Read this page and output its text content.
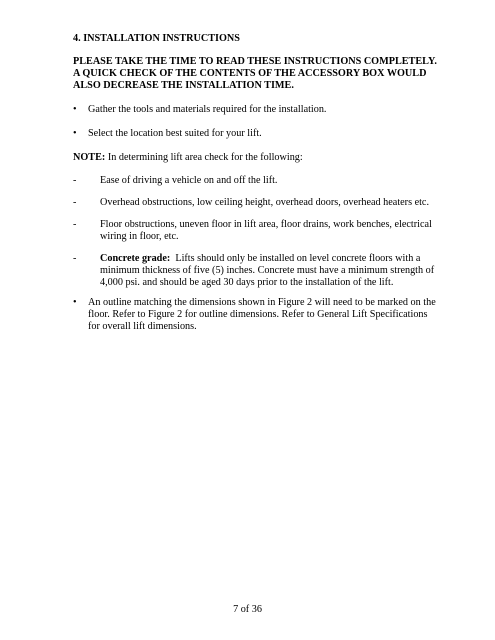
4. INSTALLATION INSTRUCTIONS
PLEASE TAKE THE TIME TO READ THESE INSTRUCTIONS COMPLETELY.
A QUICK CHECK OF THE CONTENTS OF THE ACCESSORY BOX WOULD
ALSO DECREASE THE INSTALLATION TIME.
•	Gather the tools and materials required for the installation.
•	Select the location best suited for your lift.
NOTE: In determining lift area check for the following:
- Ease of driving a vehicle on and off the lift.
- Overhead obstructions, low ceiling height, overhead doors, overhead heaters etc.
- Floor obstructions, uneven floor in lift area, floor drains, work benches, electrical
wiring in floor, etc.
- Concrete grade:  Lifts should only be installed on level concrete floors with a
minimum thickness of five (5) inches. Concrete must have a minimum strength of
4,000 psi. and should be aged 30 days prior to the installation of the lift.
•	An outline matching the dimensions shown in Figure 2 will need to be marked on the
floor. Refer to Figure 2 for outline dimensions. Refer to General Lift Specifications
for overall lift dimensions.
7 of 36
